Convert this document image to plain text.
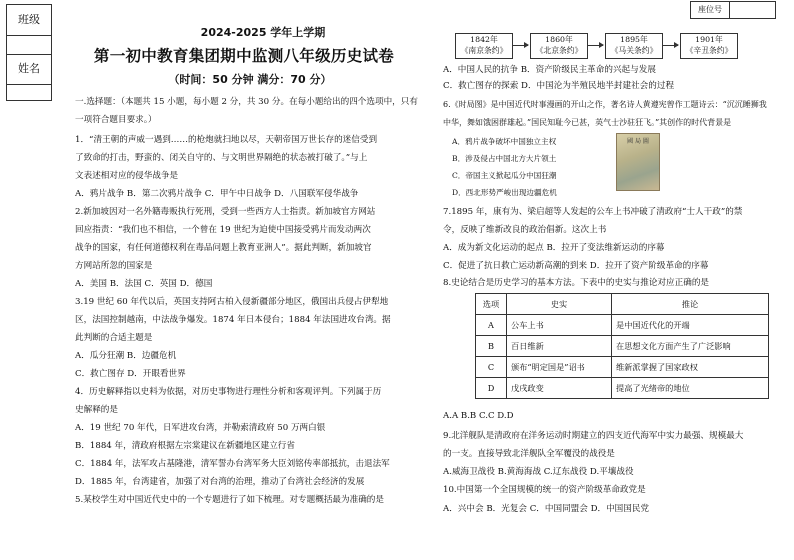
班级
姓名
座位号
2024-2025 学年上学期
第一初中教育集团期中监测八年级历史试卷
（时间：50 分钟 满分：70 分）
一.选择题：（本题共 15 小题，每小题 2 分，共 30 分。在每小题给出的四个选项中，只有
一项符合题目要求。）
1．“清王朝的声威一遇到……的枪炮就扫地以尽，天朝帝国万世长存的迷信受到
了致命的打击，野蛮的、闭关自守的、与文明世界隔绝的状态被打破了。”与上
文表述相对应的侵华战争是
A．鸦片战争 B．第二次鸦片战争 C．甲午中日战争 D．八国联军侵华战争
2.新加坡因对一名外籍毒贩执行死刑，受到一些西方人士指责。新加坡官方网站
回应指责：“我们也不相信，一个曾在 19 世纪为迫使中国接受鸦片而发动两次
战争的国家，有任何道德权利在毒品问题上教育亚洲人”。据此判断，新加坡官
方网站所忽的国家是
A．美国 B．法国 C．英国 D．德国
3.19 世纪 60 年代以后，英国支持阿古柏入侵新疆部分地区，俄国出兵侵占伊犁地
区，法国控制越南，中法战争爆发。1874 年日本侵台；1884 年法国进攻台湾。据
此判断的合适主题是
A．瓜分狂潮 B．边疆危机
C．救亡图存 D．开眼看世界
4．历史解释指以史料为依据，对历史事物进行理性分析和客观评判。下列属于历
史解释的是
A．19 世纪 70 年代，日军进攻台湾，并勒索清政府 50 万两白银
B．1884 年，清政府根据左宗棠建议在新疆地区建立行省
C．1884 年，法军攻占基隆港，清军誓办台湾军务大臣刘铭传率部抵抗，击退法军
D．1885 年，台湾建省，加强了对台湾的治理，推动了台湾社会经济的发展
5.某校学生对中国近代史中的一个专题进行了如下梳理。对专题概括最为准确的是
1842年
《南京条约》
1860年
《北京条约》
1895年
《马关条约》
1901年
《辛丑条约》
A．中国人民的抗争 B．资产阶级民主革命的兴起与发展
C．救亡图存的探索 D．中国沦为半殖民地半封建社会的过程
6.《时局图》是中国近代时事漫画的开山之作，著名诗人黄遵宪曾作工题诗云：“沉沉睡狮我
中华，舞如饿困群雄起。”国民知耻今已甚，英气士沙驻狂飞。”其创作的时代背景是
A．鸦片战争破坏中国独立主权
B．涉及侵占中国北方大片领土
C．帝国主义掀起瓜分中国狂潮
D．西北形势严峻出现边疆危机
國 局 圖
7.1895 年，康有为、梁启超等人发起的公车上书冲破了清政府“士人干政”的禁
令，反映了维新改良的政治倡新。这次上书
A．成为新文化运动的起点 B．拉开了变法维新运动的序幕
C．促进了抗日救亡运动新高潮的到来 D．拉开了资产阶级革命的序幕
8.史论结合是历史学习的基本方法。下表中的史实与推论对应正确的是
选项	史实	推论
A	公车上书	是中国近代化的开端
B	百日维新	在思想文化方面产生了广泛影响
C	颁布“明定国是”诏书	维新派掌握了国家政权
D	戊戌政变	提高了光绪帝的地位
A.A B.B C.C D.D
9.北洋舰队是清政府在洋务运动时期建立的四支近代海军中实力最强、规模最大
的一支。直接导致北洋舰队全军覆没的战役是
A.威海卫战役 B.黄海海战 C.辽东战役 D.平壤战役
10.中国第一个全国规模的统一的资产阶级革命政党是
A．兴中会 B．光复会 C．中国同盟会 D．中国国民党
